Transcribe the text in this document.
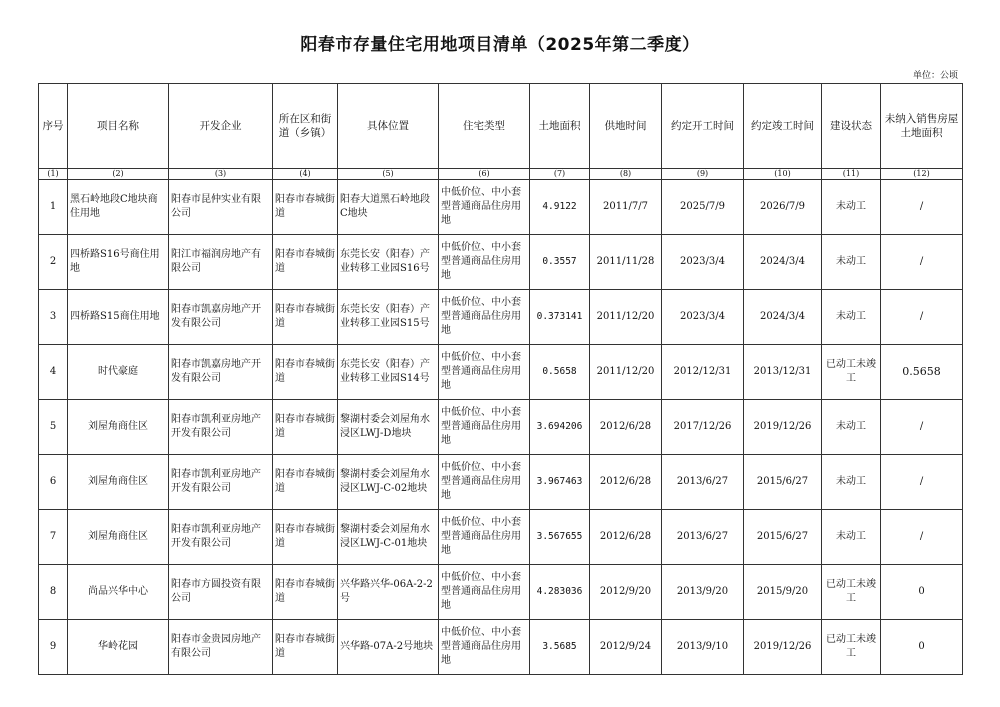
阳春市存量住宅用地项目清单（2025年第二季度）
单位：公顷
序号	项目名称	开发企业	所在区和街道（乡镇）	具体位置	住宅类型	土地面积	供地时间	约定开工时间	约定竣工时间	建设状态	未纳入销售房屋土地面积
(1)	(2)	(3)	(4)	(5)	(6)	(7)	(8)	(9)	(10)	(11)	(12)
1	黑石岭地段C地块商住用地	阳春市昆仲实业有限公司	阳春市春城街道	阳春大道黑石岭地段C地块	中低价位、中小套型普通商品住房用地	4.9122	2011/7/7	2025/7/9	2026/7/9	未动工	/
2	四桥路S16号商住用地	阳江市福润房地产有限公司	阳春市春城街道	东莞长安（阳春）产业转移工业园S16号	中低价位、中小套型普通商品住房用地	0.3557	2011/11/28	2023/3/4	2024/3/4	未动工	/
3	四桥路S15商住用地	阳春市凯嘉房地产开发有限公司	阳春市春城街道	东莞长安（阳春）产业转移工业园S15号	中低价位、中小套型普通商品住房用地	0.373141	2011/12/20	2023/3/4	2024/3/4	未动工	/
4	时代豪庭	阳春市凯嘉房地产开发有限公司	阳春市春城街道	东莞长安（阳春）产业转移工业园S14号	中低价位、中小套型普通商品住房用地	0.5658	2011/12/20	2012/12/31	2013/12/31	已动工未竣工	0.5658
5	刘屋角商住区	阳春市凯利亚房地产开发有限公司	阳春市春城街道	黎湖村委会刘屋角水浸区LWJ-D地块	中低价位、中小套型普通商品住房用地	3.694206	2012/6/28	2017/12/26	2019/12/26	未动工	/
6	刘屋角商住区	阳春市凯利亚房地产开发有限公司	阳春市春城街道	黎湖村委会刘屋角水浸区LWJ-C-02地块	中低价位、中小套型普通商品住房用地	3.967463	2012/6/28	2013/6/27	2015/6/27	未动工	/
7	刘屋角商住区	阳春市凯利亚房地产开发有限公司	阳春市春城街道	黎湖村委会刘屋角水浸区LWJ-C-01地块	中低价位、中小套型普通商品住房用地	3.567655	2012/6/28	2013/6/27	2015/6/27	未动工	/
8	尚品兴华中心	阳春市方圆投资有限公司	阳春市春城街道	兴华路兴华-06A-2-2号	中低价位、中小套型普通商品住房用地	4.283036	2012/9/20	2013/9/20	2015/9/20	已动工未竣工	0
9	华岭花园	阳春市金贵园房地产有限公司	阳春市春城街道	兴华路-07A-2号地块	中低价位、中小套型普通商品住房用地	3.5685	2012/9/24	2013/9/10	2019/12/26	已动工未竣工	0
